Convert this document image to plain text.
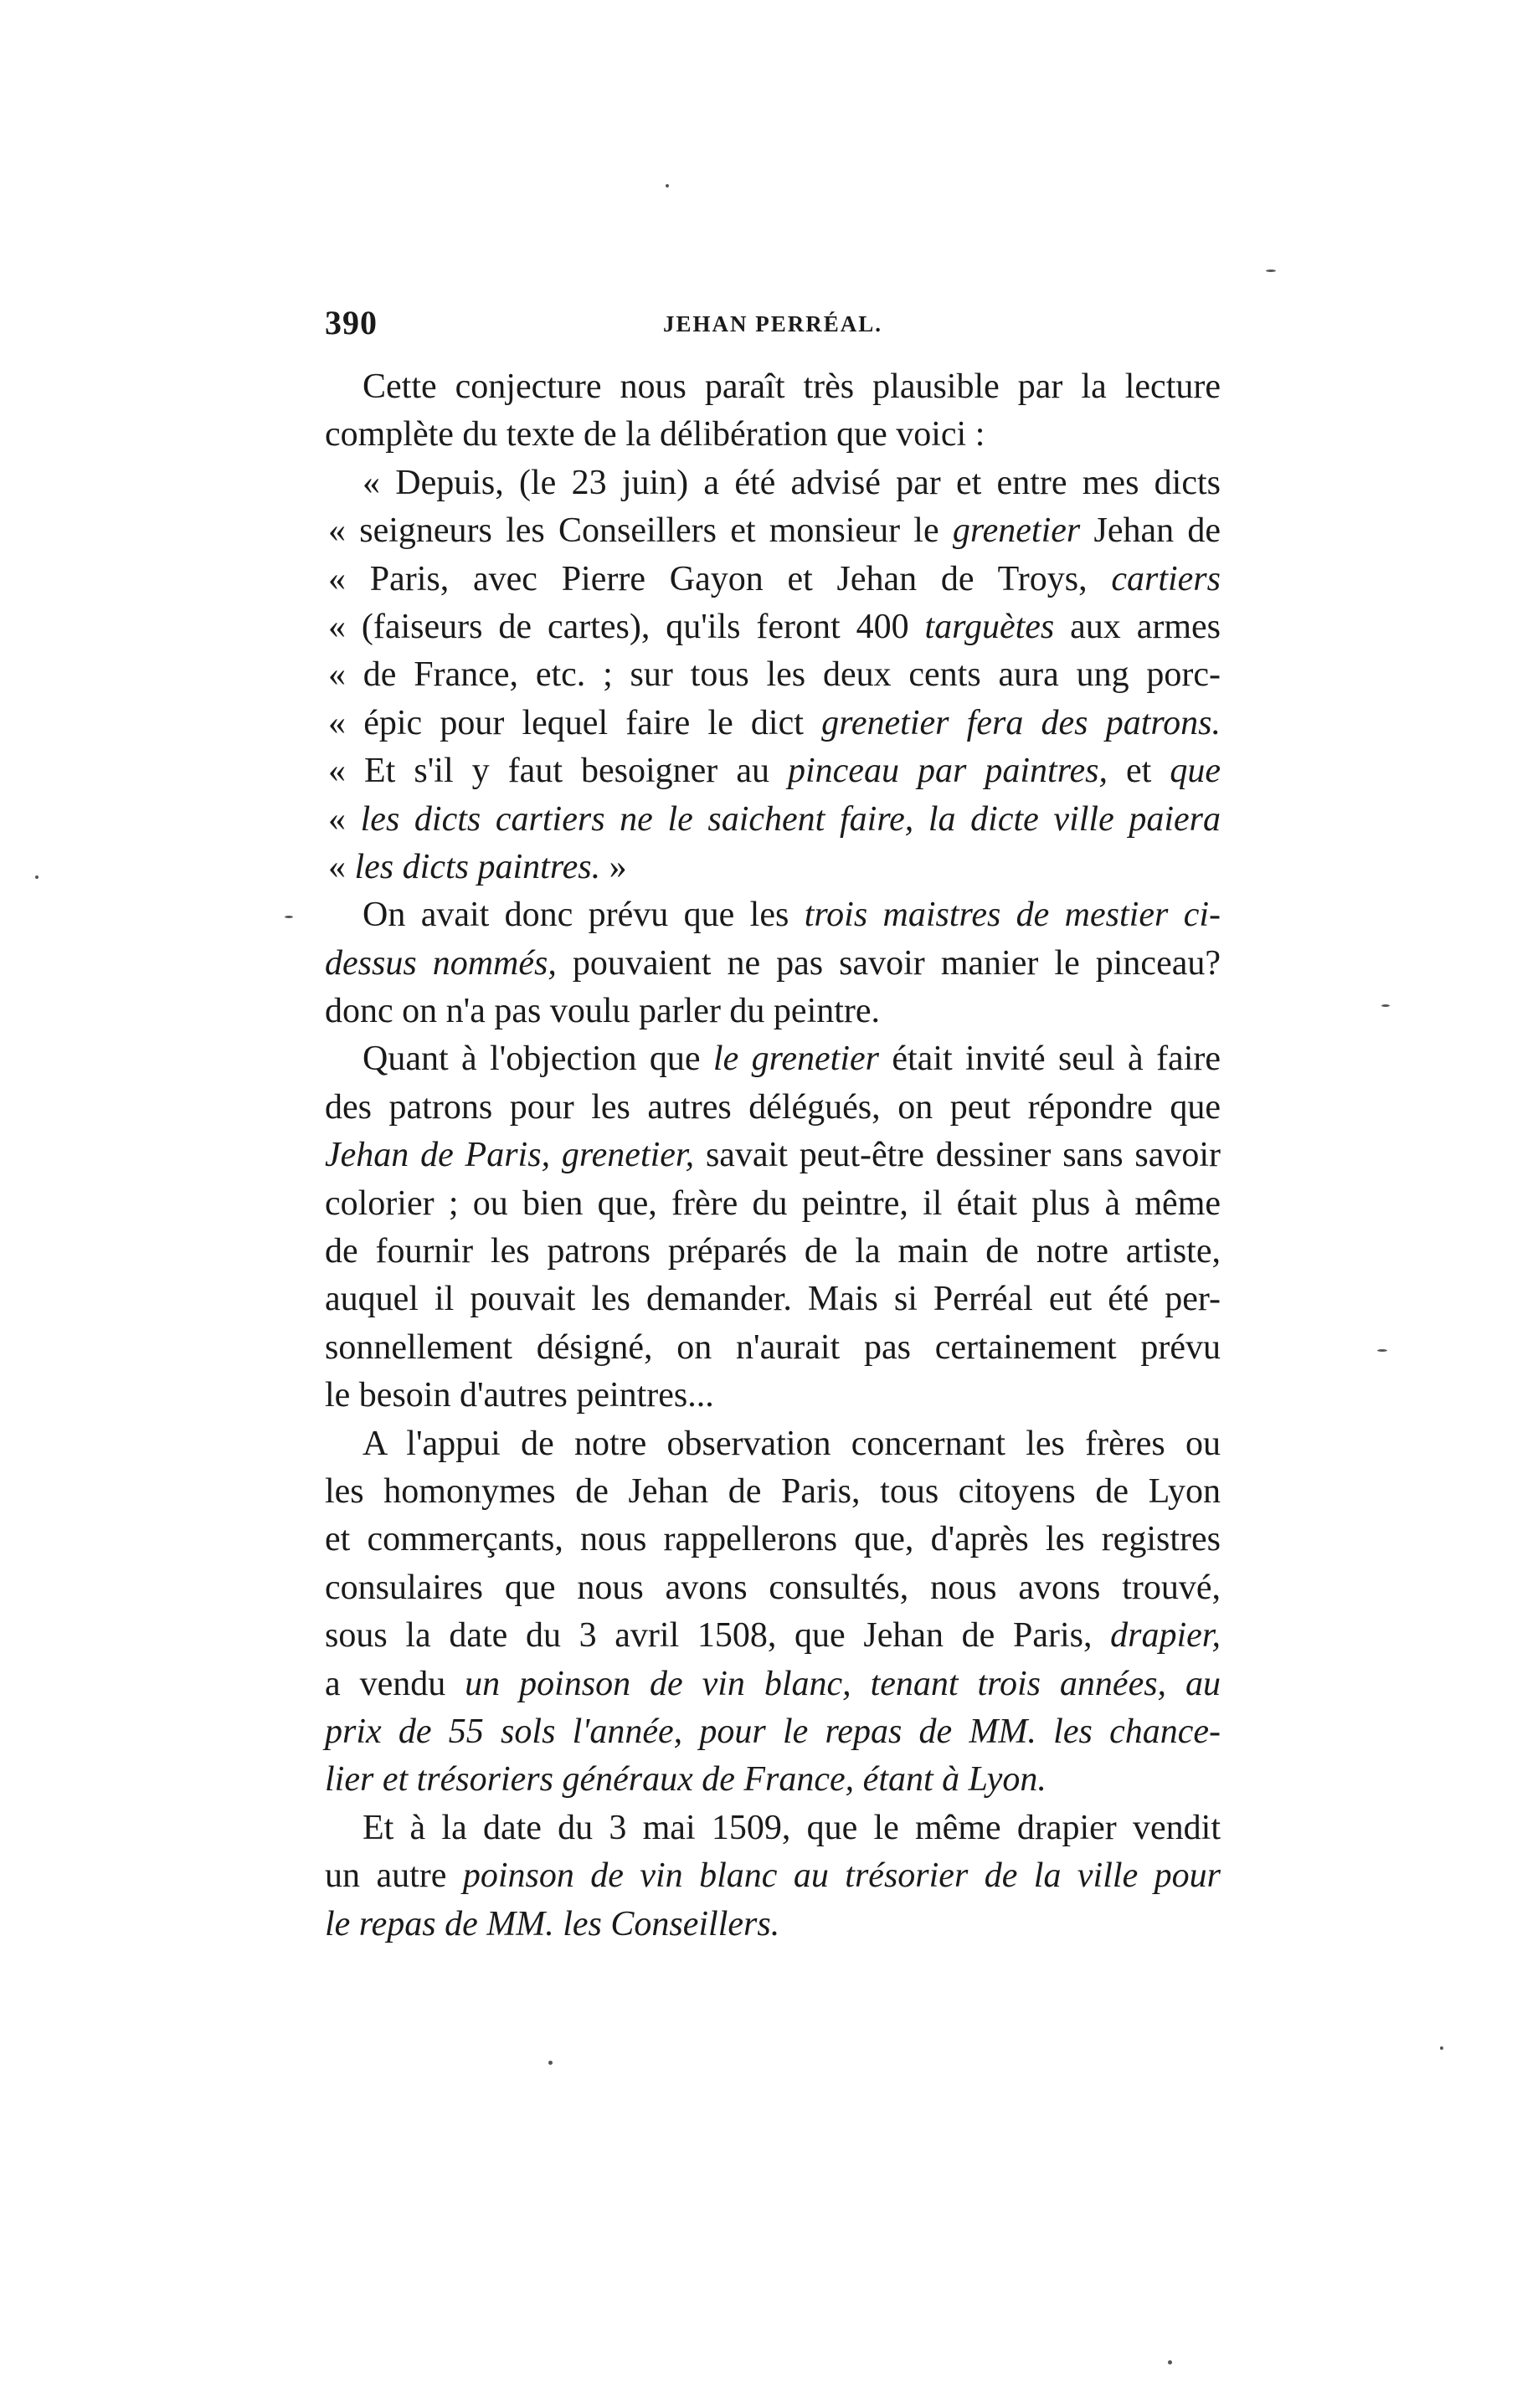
390	JEHAN PERRÉAL.
Cette conjecture nous paraît très plausible par la lecture
complète du texte de la délibération que voici :
« Depuis, (le 23 juin) a été advisé par et entre mes dicts
« seigneurs les Conseillers et monsieur le grenetier Jehan de
« Paris, avec Pierre Gayon et Jehan de Troys, cartiers
« (faiseurs de cartes), qu'ils feront 400 targuètes aux armes
« de France, etc. ; sur tous les deux cents aura ung porc-
« épic pour lequel faire le dict grenetier fera des patrons.
« Et s'il y faut besoigner au pinceau par paintres, et que
« les dicts cartiers ne le saichent faire, la dicte ville paiera
« les dicts paintres. »
On avait donc prévu que les trois maistres de mestier ci-
dessus nommés, pouvaient ne pas savoir manier le pinceau?
donc on n'a pas voulu parler du peintre.
Quant à l'objection que le grenetier était invité seul à faire
des patrons pour les autres délégués, on peut répondre que
Jehan de Paris, grenetier, savait peut-être dessiner sans savoir
colorier ; ou bien que, frère du peintre, il était plus à même
de fournir les patrons préparés de la main de notre artiste,
auquel il pouvait les demander. Mais si Perréal eut été per-
sonnellement désigné, on n'aurait pas certainement prévu
le besoin d'autres peintres...
A l'appui de notre observation concernant les frères ou
les homonymes de Jehan de Paris, tous citoyens de Lyon
et commerçants, nous rappellerons que, d'après les registres
consulaires que nous avons consultés, nous avons trouvé,
sous la date du 3 avril 1508, que Jehan de Paris, drapier,
a vendu un poinson de vin blanc, tenant trois années, au
prix de 55 sols l'année, pour le repas de MM. les chance-
lier et trésoriers généraux de France, étant à Lyon.
Et à la date du 3 mai 1509, que le même drapier vendit
un autre poinson de vin blanc au trésorier de la ville pour
le repas de MM. les Conseillers.
